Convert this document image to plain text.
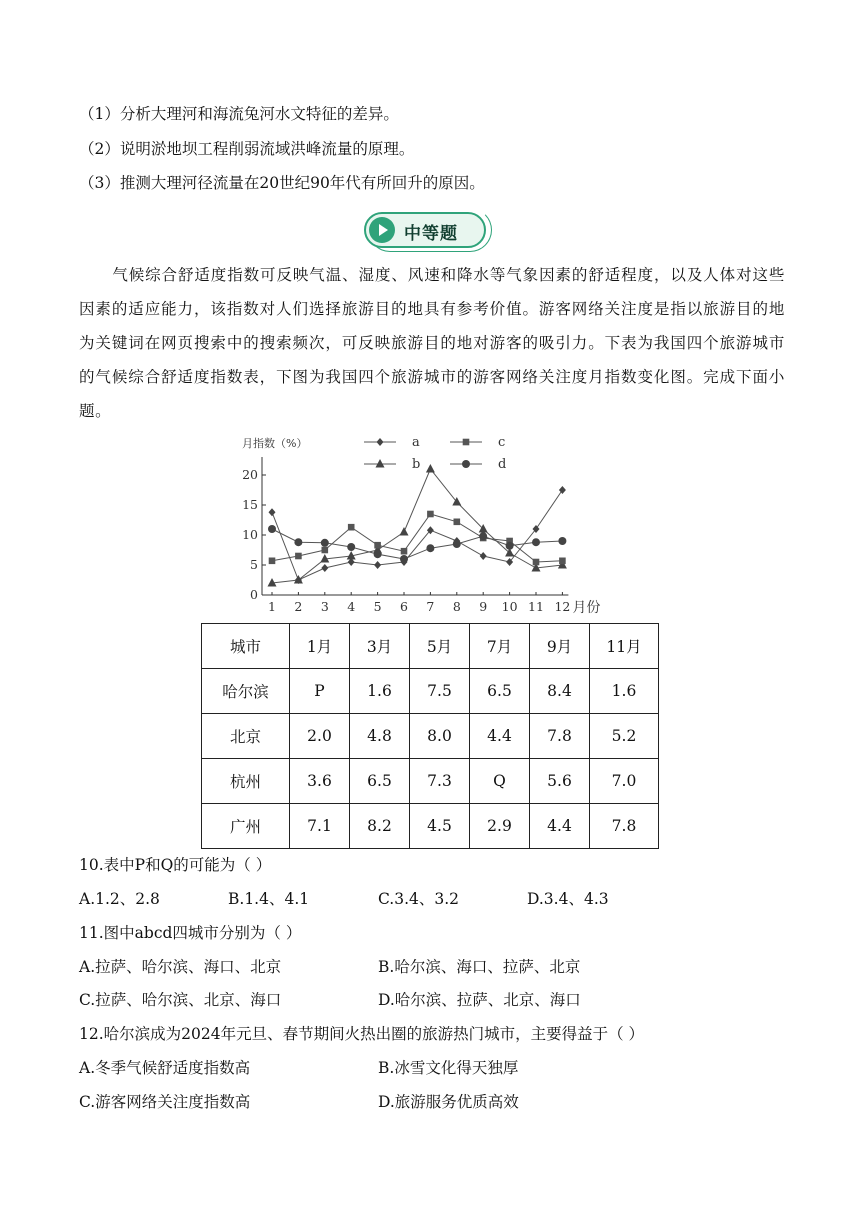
（1）分析大理河和海流兔河水文特征的差异。
（2）说明淤地坝工程削弱流域洪峰流量的原理。
（3）推测大理河径流量在20世纪90年代有所回升的原因。
中等题
气候综合舒适度指数可反映气温、湿度、风速和降水等气象因素的舒适程度，以及人体对这些因素的适应能力，该指数对人们选择旅游目的地具有参考价值。游客网络关注度是指以旅游目的地为关键词在网页搜索中的搜索频次，可反映旅游目的地对游客的吸引力。下表为我国四个旅游城市的气候综合舒适度指数表，下图为我国四个旅游城市的游客网络关注度月指数变化图。完成下面小题。
0
5
10
15
20
1 2 3 4 5 6 7 8 9 10 11 12
月指数（%）
月份
a
b
c
d
城市	1月	3月	5月	7月	9月	11月
哈尔滨	P	1.6	7.5	6.5	8.4	1.6
北京	2.0	4.8	8.0	4.4	7.8	5.2
杭州	3.6	6.5	7.3	Q	5.6	7.0
广州	7.1	8.2	4.5	2.9	4.4	7.8
10.表中P和Q的可能为（ ）
A.1.2、2.8	B.1.4、4.1	C.3.4、3.2	D.3.4、4.3
11.图中abcd四城市分别为（ ）
A.拉萨、哈尔滨、海口、北京	B.哈尔滨、海口、拉萨、北京
C.拉萨、哈尔滨、北京、海口	D.哈尔滨、拉萨、北京、海口
12.哈尔滨成为2024年元旦、春节期间火热出圈的旅游热门城市，主要得益于（ ）
A.冬季气候舒适度指数高	B.冰雪文化得天独厚
C.游客网络关注度指数高	D.旅游服务优质高效
